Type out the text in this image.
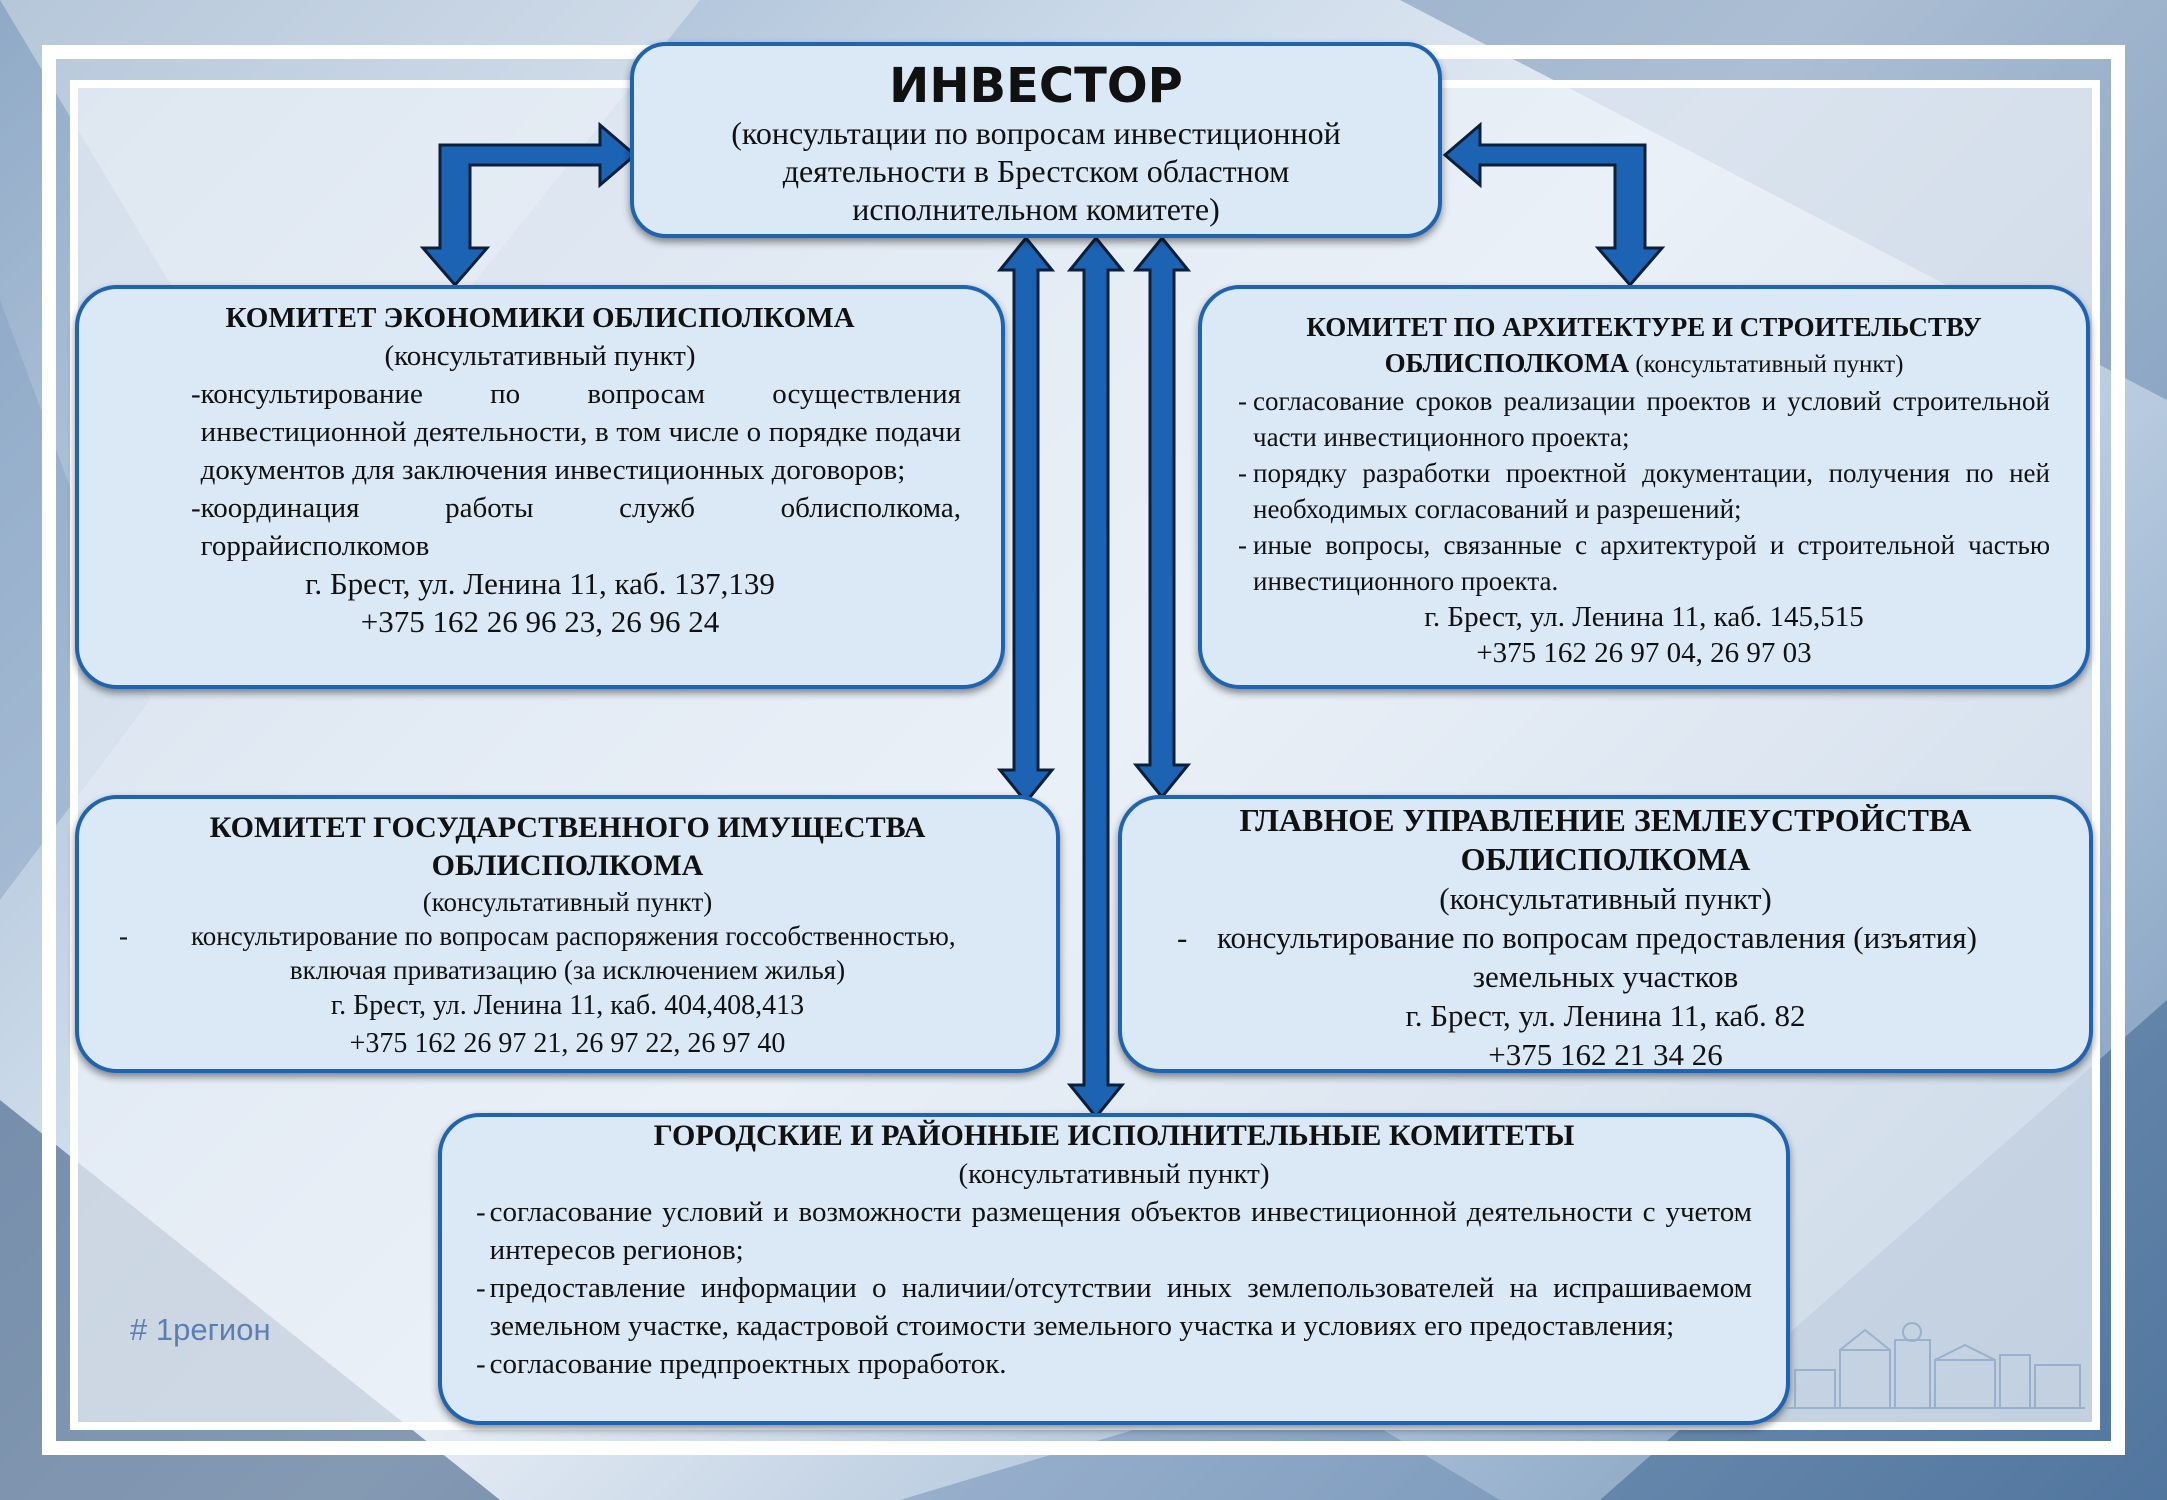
ИНВЕСТОР
(консультации по вопросам инвестиционной
деятельности в Брестском областном
исполнительном комитете)
КОМИТЕТ ЭКОНОМИКИ ОБЛИСПОЛКОМА
(консультативный пункт)
- консультирование по вопросам осуществления инвестиционной деятельности, в том числе о порядке подачи документов для заключения инвестиционных договоров;
- координация работы служб облисполкома, горрайисполкомов
г. Брест, ул. Ленина 11, каб. 137,139
+375 162 26 96 23, 26 96 24
КОМИТЕТ ПО АРХИТЕКТУРЕ И СТРОИТЕЛЬСТВУ
ОБЛИСПОЛКОМА (консультативный пункт)
- согласование сроков реализации проектов и условий строительной части инвестиционного проекта;
- порядку разработки проектной документации, получения по ней необходимых согласований и разрешений;
- иные вопросы, связанные с архитектурой и строительной частью инвестиционного проекта.
г. Брест, ул. Ленина 11, каб. 145,515
+375 162 26 97 04, 26 97 03
КОМИТЕТ ГОСУДАРСТВЕННОГО ИМУЩЕСТВА
ОБЛИСПОЛКОМА
(консультативный пункт)
- консультирование по вопросам распоряжения госсобственностью,
включая приватизацию (за исключением жилья)
г. Брест, ул. Ленина 11, каб. 404,408,413
+375 162 26 97 21, 26 97 22, 26 97 40
ГЛАВНОЕ УПРАВЛЕНИЕ ЗЕМЛЕУСТРОЙСТВА
ОБЛИСПОЛКОМА
(консультативный пункт)
- консультирование по вопросам предоставления (изъятия)
земельных участков
г. Брест, ул. Ленина 11, каб. 82
+375 162 21 34 26
ГОРОДСКИЕ И РАЙОННЫЕ ИСПОЛНИТЕЛЬНЫЕ КОМИТЕТЫ
(консультативный пункт)
- согласование условий и возможности размещения объектов инвестиционной деятельности с учетом интересов регионов;
- предоставление информации о наличии/отсутствии иных землепользователей на испрашиваемом земельном участке, кадастровой стоимости земельного участка и условиях его предоставления;
- согласование предпроектных проработок.
# 1регион
